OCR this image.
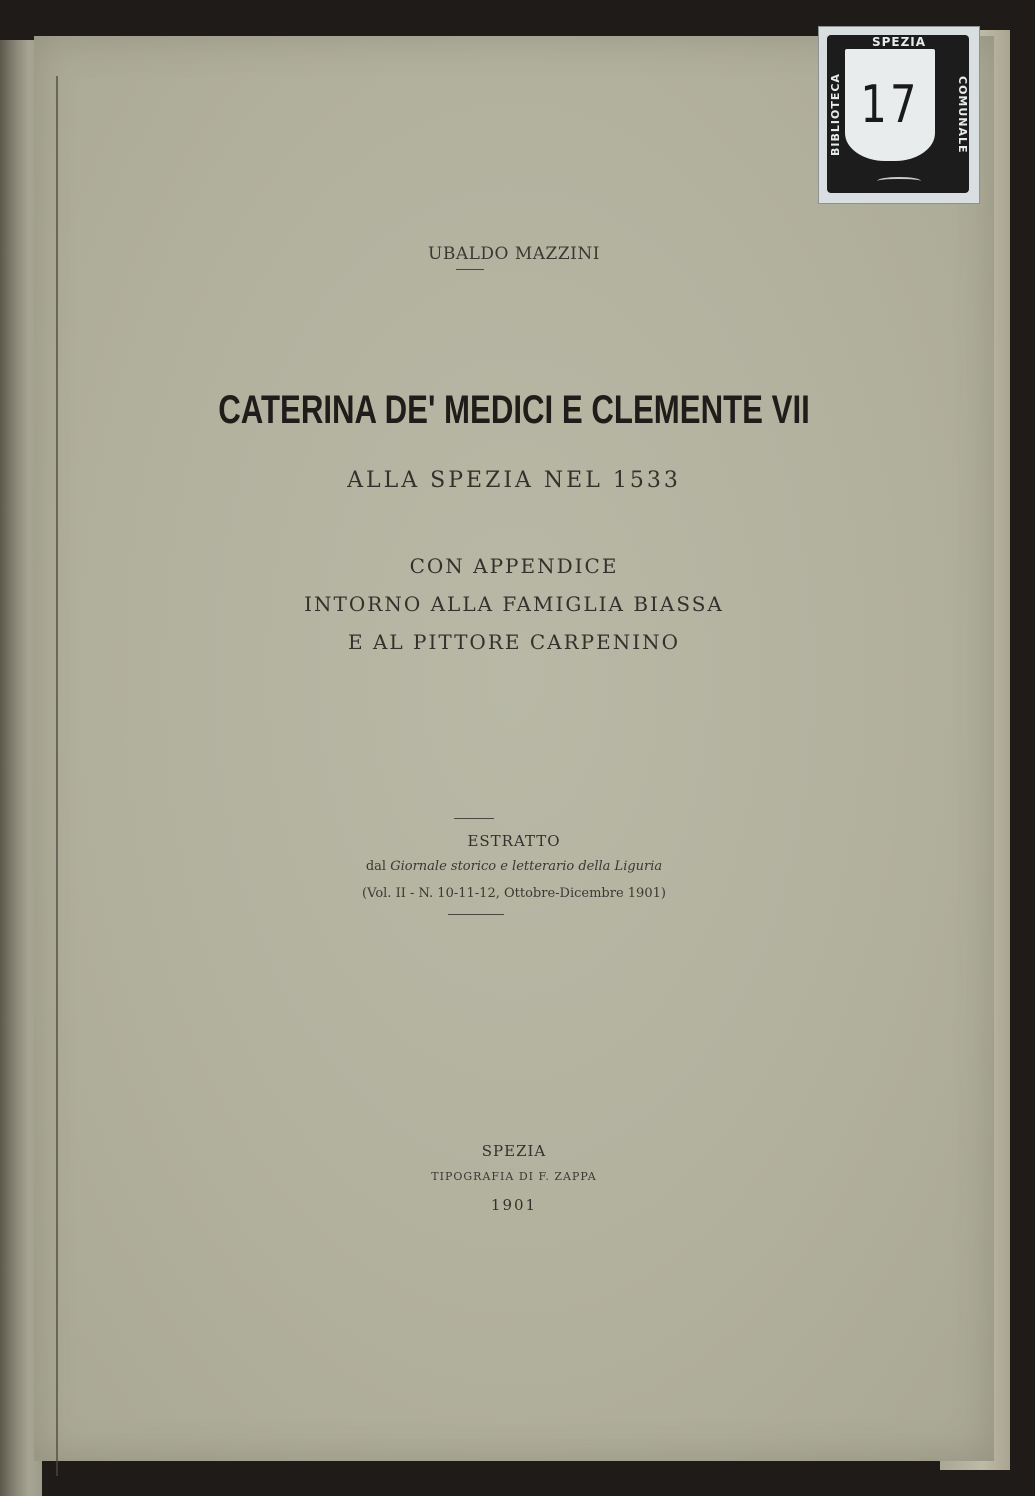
UBALDO MAZZINI
CATERINA DE' MEDICI E CLEMENTE VII
ALLA SPEZIA NEL 1533
CON APPENDICE
INTORNO ALLA FAMIGLIA BIASSA
E AL PITTORE CARPENINO
ESTRATTO
dal Giornale storico e letterario della Liguria
(Vol. II - N. 10-11-12, Ottobre-Dicembre 1901)
SPEZIA
TIPOGRAFIA DI F. ZAPPA
1901
SPEZIA
BIBLIOTECA	COMUNALE
17
